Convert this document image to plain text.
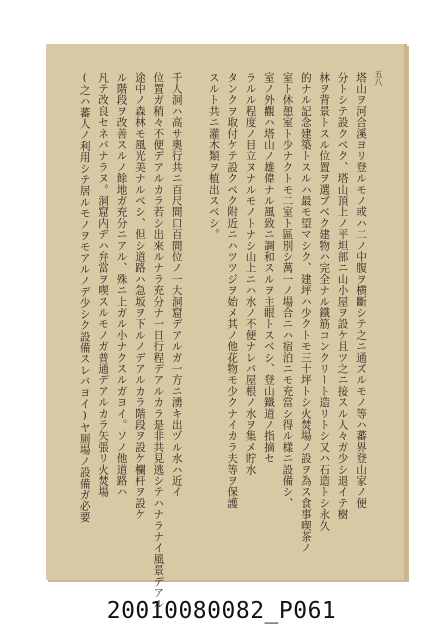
五八
塔山ヲ河合溪ヨリ登ルモノ或ハ二ノ中腹ヲ横斷シテ之ニ通ズルモノ等ハ蕃界登山家ノ便
分トシテ設クベク、塔山頂上ノ平坦部ニ山小屋ヲ設ケ且ツ之ニ接スル人々ガ少シ退イテ樹
林ヲ背景トスル位置ヲ選ブベク建物ハ完全ナル鐵筋コンクリート造リトシ又ハ石造トシ永久
的ナル記念建築トスルハ最モ望マシク、建坪ハ少クトモ三十坪トシ火焚場ノ設ヲ為ス食事喫茶ノ
室ト休憩室ト少ナクトモ二室ト區別シ萬一ノ場合ニハ宿泊ニモ充當シ得ル樣ニ設備シ、
室ノ外觀ハ塔山ノ雄偉ナル風致ニ調和スルヲ主眼トスベシ、登山鐵道ノ指摘セ
ラルル程度ノ目立ヌナルモノトナシ山上ニハ水ノ不便ナレバ屋根ノ水ヲ集メ貯水
タンクヲ取付ケテ設クベク附近ニハツツジヲ始メ其ノ他花物モ少クナイカラ夫等ヲ保護
スルト共ニ灌木類ヲ植出スベシ。
千人洞ハ高サ奧行共ニ百尺間口百間位ノ一大洞窟デアルガ一方ニ湧キ出ヅル水ハ近イ
位置ガ稍々不便デアルカラ若シ出來ルナラ充分ナ一日行程デアルカラ是非共見逃シテハナラナイ風景デアル
途中ノ森林モ風光美ナルベシ、但シ道路ハ急坂ヲ下ルノデアルカラ階段ヲ設ケ欄杆ヲ設ケ
ル階段ヲ改善スルノ餘地ガ充分ニアル、殊ニ上ガル小ナクスルガヨイ。ソノ他道路ハ
凡テ改良セネバナラヌ。洞窟内デハ弁當ヲ喫スルモノガ普通デアルカラ矢張リ火焚場
(之ハ蕃人ノ利用シテ居ルモノヲモアルノデ少シク設備スレバヨイ)ヤ厠場ノ設備ガ必要
20010080082_P061
